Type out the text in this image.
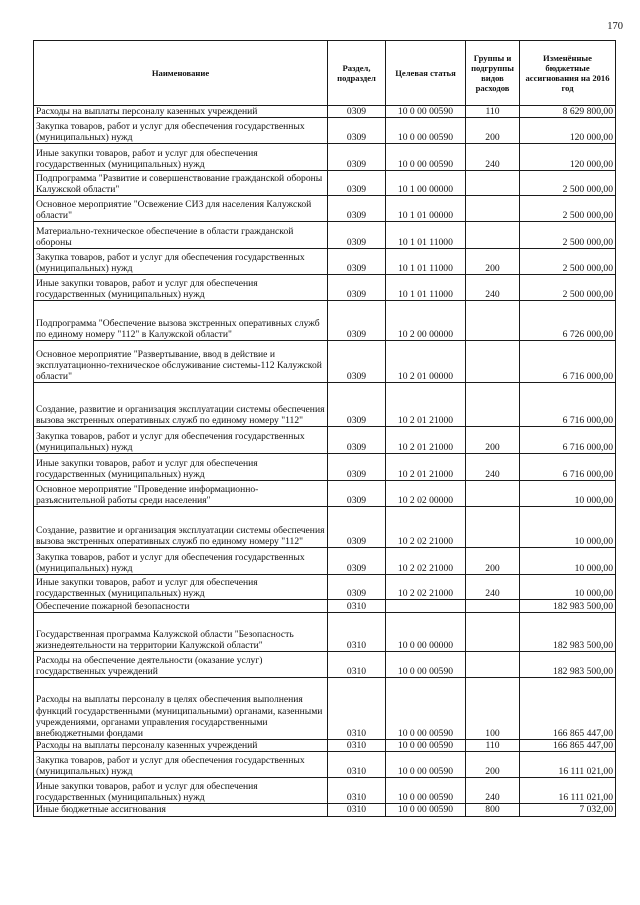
170
Наименование	Раздел, подраздел	Целевая статья	Группы и подгруппы видов расходов	Изменённые бюджетные ассигнования на 2016 год
Расходы на выплаты персоналу казенных учреждений	0309	10 0 00 00590	110	8 629 800,00
Закупка товаров, работ и услуг для обеспечения государственных (муниципальных) нужд	0309	10 0 00 00590	200	120 000,00
Иные закупки товаров, работ и услуг для обеспечения государственных (муниципальных) нужд	0309	10 0 00 00590	240	120 000,00
Подпрограмма "Развитие и совершенствование гражданской обороны Калужской области"	0309	10 1 00 00000		2 500 000,00
Основное мероприятие "Освежение СИЗ для населения Калужской области"	0309	10 1 01 00000		2 500 000,00
Материально-техническое обеспечение в области гражданской обороны	0309	10 1 01 11000		2 500 000,00
Закупка товаров, работ и услуг для обеспечения государственных (муниципальных) нужд	0309	10 1 01 11000	200	2 500 000,00
Иные закупки товаров, работ и услуг для обеспечения государственных (муниципальных) нужд	0309	10 1 01 11000	240	2 500 000,00
Подпрограмма "Обеспечение вызова экстренных оперативных служб по единому номеру "112" в Калужской области"	0309	10 2 00 00000		6 726 000,00
Основное мероприятие "Развертывание, ввод в действие и эксплуатационно-техническое обслуживание системы-112 Калужской области"	0309	10 2 01 00000		6 716 000,00
Создание, развитие и организация эксплуатации системы обеспечения вызова экстренных оперативных служб по единому номеру "112"	0309	10 2 01 21000		6 716 000,00
Закупка товаров, работ и услуг для обеспечения государственных (муниципальных) нужд	0309	10 2 01 21000	200	6 716 000,00
Иные закупки товаров, работ и услуг для обеспечения государственных (муниципальных) нужд	0309	10 2 01 21000	240	6 716 000,00
Основное мероприятие "Проведение информационно-разъяснительной работы среди населения"	0309	10 2 02 00000		10 000,00
Создание, развитие и организация эксплуатации системы обеспечения вызова экстренных оперативных служб по единому номеру "112"	0309	10 2 02 21000		10 000,00
Закупка товаров, работ и услуг для обеспечения государственных (муниципальных) нужд	0309	10 2 02 21000	200	10 000,00
Иные закупки товаров, работ и услуг для обеспечения государственных (муниципальных) нужд	0309	10 2 02 21000	240	10 000,00
Обеспечение пожарной безопасности	0310			182 983 500,00
Государственная программа Калужской области "Безопасность жизнедеятельности на территории Калужской области"	0310	10 0 00 00000		182 983 500,00
Расходы на обеспечение деятельности (оказание услуг) государственных учреждений	0310	10 0 00 00590		182 983 500,00
Расходы на выплаты персоналу в целях обеспечения выполнения функций государственными (муниципальными) органами, казенными учреждениями, органами управления государственными внебюджетными фондами	0310	10 0 00 00590	100	166 865 447,00
Расходы на выплаты персоналу казенных учреждений	0310	10 0 00 00590	110	166 865 447,00
Закупка товаров, работ и услуг для обеспечения государственных (муниципальных) нужд	0310	10 0 00 00590	200	16 111 021,00
Иные закупки товаров, работ и услуг для обеспечения государственных (муниципальных) нужд	0310	10 0 00 00590	240	16 111 021,00
Иные бюджетные ассигнования	0310	10 0 00 00590	800	7 032,00
